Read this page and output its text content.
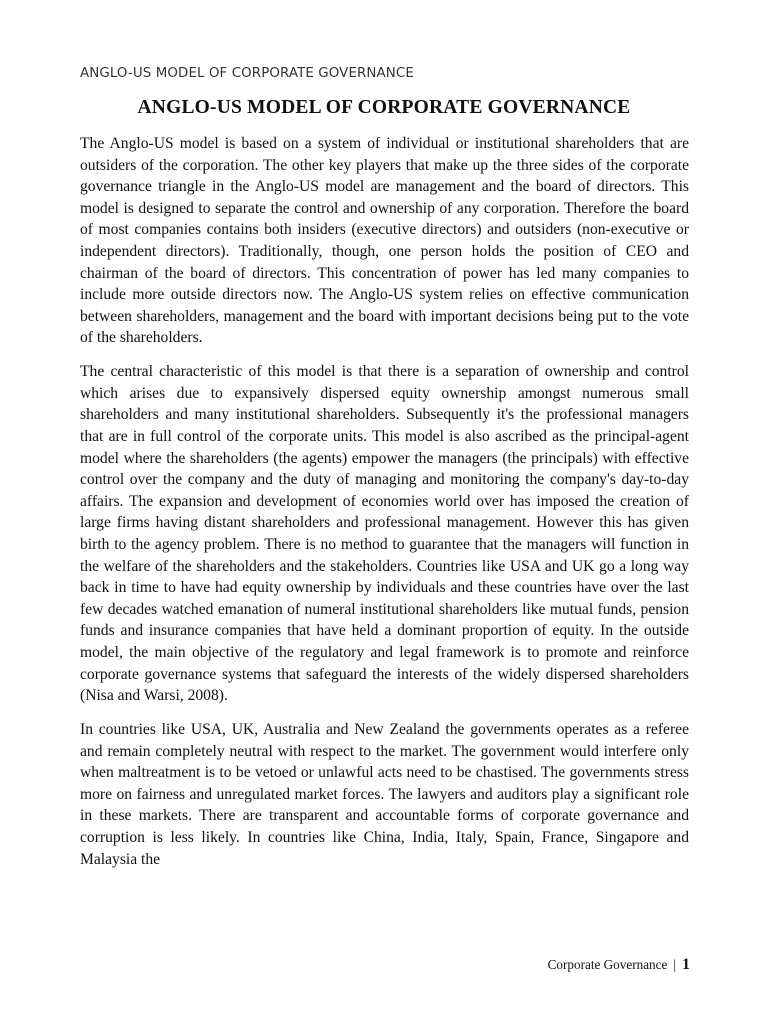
ANGLO-US MODEL OF CORPORATE GOVERNANCE
ANGLO-US MODEL OF CORPORATE GOVERNANCE

The Anglo-US model is based on a system of individual or institutional shareholders that are outsiders of the corporation. The other key players that make up the three sides of the corporate governance triangle in the Anglo-US model are management and the board of directors. This model is designed to separate the control and ownership of any corporation. Therefore the board of most companies contains both insiders (executive directors) and outsiders (non-executive or independent directors). Traditionally, though, one person holds the position of CEO and chairman of the board of directors. This concentration of power has led many companies to include more outside directors now. The Anglo-US system relies on effective communication between shareholders, management and the board with important decisions being put to the vote of the shareholders.

The central characteristic of this model is that there is a separation of ownership and control which arises due to expansively dispersed equity ownership amongst numerous small shareholders and many institutional shareholders. Subsequently it's the professional managers that are in full control of the corporate units. This model is also ascribed as the principal-agent model where the shareholders (the agents) empower the managers (the principals) with effective control over the company and the duty of managing and monitoring the company's day-to-day affairs. The expansion and development of economies world over has imposed the creation of large firms having distant shareholders and professional management. However this has given birth to the agency problem. There is no method to guarantee that the managers will function in the welfare of the shareholders and the stakeholders. Countries like USA and UK go a long way back in time to have had equity ownership by individuals and these countries have over the last few decades watched emanation of numeral institutional shareholders like mutual funds, pension funds and insurance companies that have held a dominant proportion of equity. In the outside model, the main objective of the regulatory and legal framework is to promote and reinforce corporate governance systems that safeguard the interests of the widely dispersed shareholders (Nisa and Warsi, 2008).

In countries like USA, UK, Australia and New Zealand the governments operates as a referee and remain completely neutral with respect to the market. The government would interfere only when maltreatment is to be vetoed or unlawful acts need to be chastised. The governments stress more on fairness and unregulated market forces. The lawyers and auditors play a significant role in these markets. There are transparent and accountable forms of corporate governance and corruption is less likely. In countries like China, India, Italy, Spain, France, Singapore and Malaysia the

Corporate Governance | 1
